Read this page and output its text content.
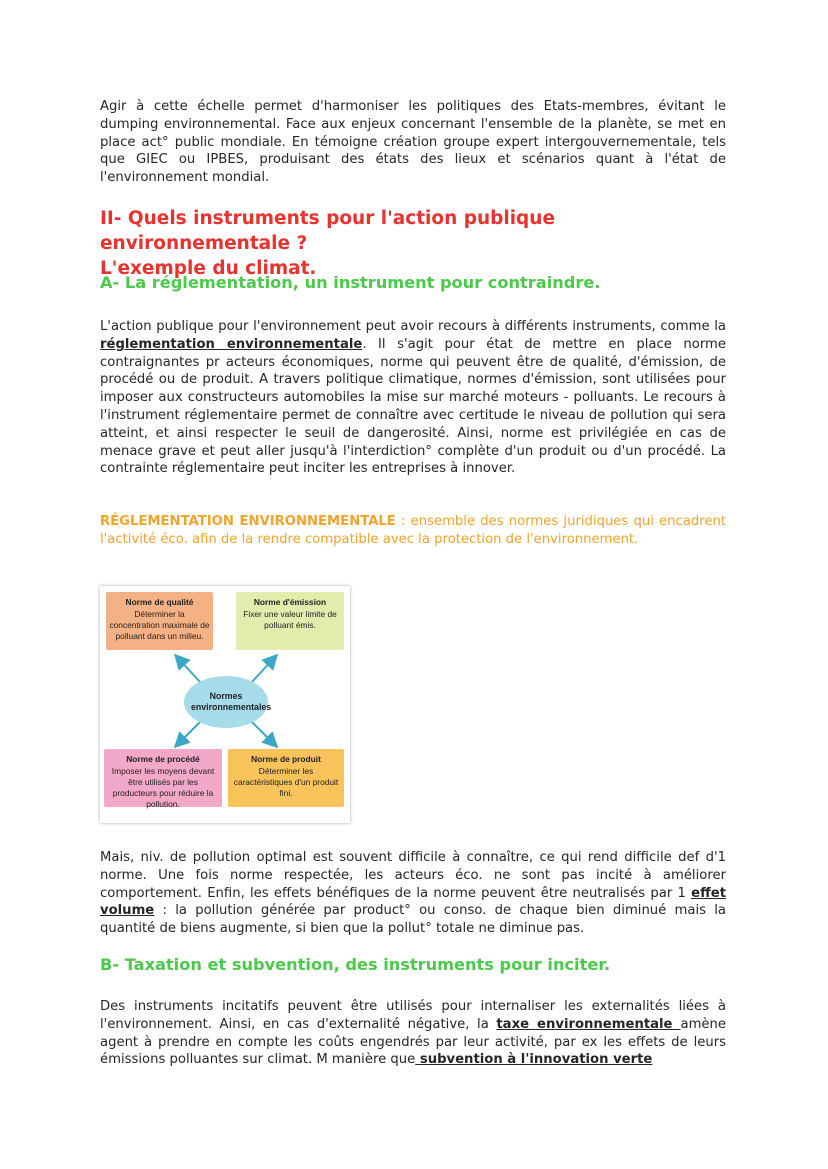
Agir à cette échelle permet d'harmoniser les politiques des Etats-membres, évitant le dumping environnemental. Face aux enjeux concernant l'ensemble de la planète, se met en place act° public mondiale. En témoigne création groupe expert intergouvernementale, tels que GIEC ou IPBES, produisant des états des lieux et scénarios quant à l'état de l'environnement mondial.

II- Quels instruments pour l'action publique environnementale ?
L'exemple du climat.
A- La réglementation, un instrument pour contraindre.

L'action publique pour l'environnement peut avoir recours à différents instruments, comme la réglementation environnementale. Il s'agit pour état de mettre en place norme contraignantes pr acteurs économiques, norme qui peuvent être de qualité, d'émission, de procédé ou de produit. A travers politique climatique, normes d'émission, sont utilisées pour imposer aux constructeurs automobiles la mise sur marché moteurs - polluants. Le recours à l'instrument réglementaire permet de connaître avec certitude le niveau de pollution qui sera atteint, et ainsi respecter le seuil de dangerosité. Ainsi, norme est privilégiée en cas de menace grave et peut aller jusqu'à l'interdiction° complète d'un produit ou d'un procédé. La contrainte réglementaire peut inciter les entreprises à innover.

RÉGLEMENTATION ENVIRONNEMENTALE : ensemble des normes juridiques qui encadrent l'activité éco. afin de la rendre compatible avec la protection de l'environnement.

Norme de qualité
Déterminer la concentration maximale de polluant dans un milieu.
Norme d'émission
Fixer une valeur limite de polluant émis.
Normes environnementales
Norme de procédé
Imposer les moyens devant être utilisés par les producteurs pour réduire la pollution.
Norme de produit
Déterminer les caractéristiques d'un produit fini.

Mais, niv. de pollution optimal est souvent difficile à connaître, ce qui rend difficile def d'1 norme. Une fois norme respectée, les acteurs éco. ne sont pas incité à améliorer comportement. Enfin, les effets bénéfiques de la norme peuvent être neutralisés par 1 effet volume : la pollution générée par product° ou conso. de chaque bien diminué mais la quantité de biens augmente, si bien que la pollut° totale ne diminue pas.

B- Taxation et subvention, des instruments pour inciter.

Des instruments incitatifs peuvent être utilisés pour internaliser les externalités liées à l'environnement. Ainsi, en cas d'externalité négative, la taxe environnementale amène agent à prendre en compte les coûts engendrés par leur activité, par ex les effets de leurs émissions polluantes sur climat. M manière que subvention à l'innovation verte
